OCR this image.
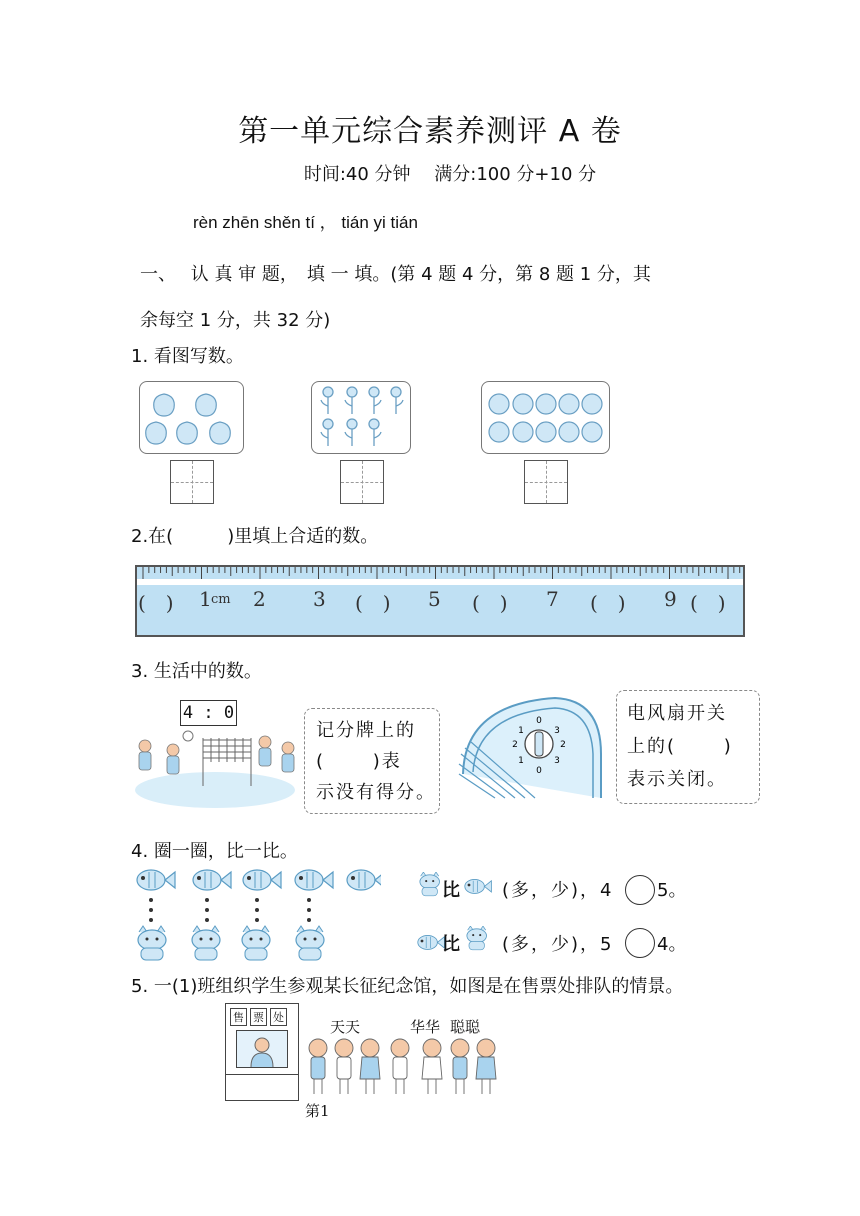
第一单元综合素养测评 A 卷
时间:40 分钟　 满分:100 分+10 分
rèn zhēn shěn tí ， tián yi tián
一、　 认 真 审 题，　填 一 填。(第 4 题 4 分，第 8 题 1 分，其
余每空 1 分，共 32 分)
1. 看图写数。
2.在(　　　)里填上合适的数。
(　) 1 cm 2 3 (　) 5 (　) 7 (　) 9 (　)
3. 生活中的数。
4 : 0
记分牌上的
(　　 )表
示没有得分。
0
1	3
2	2
1
0
3
电风扇开关
上的(　　 )
表示关闭。
4. 圈一圈，比一比。
比 (多，少)，4 5。
比 (多，少)，5 4。
5. 一(1)班组织学生参观某长征纪念馆，如图是在售票处排队的情景。
售 票 处
天天	华华 聪聪
第1
